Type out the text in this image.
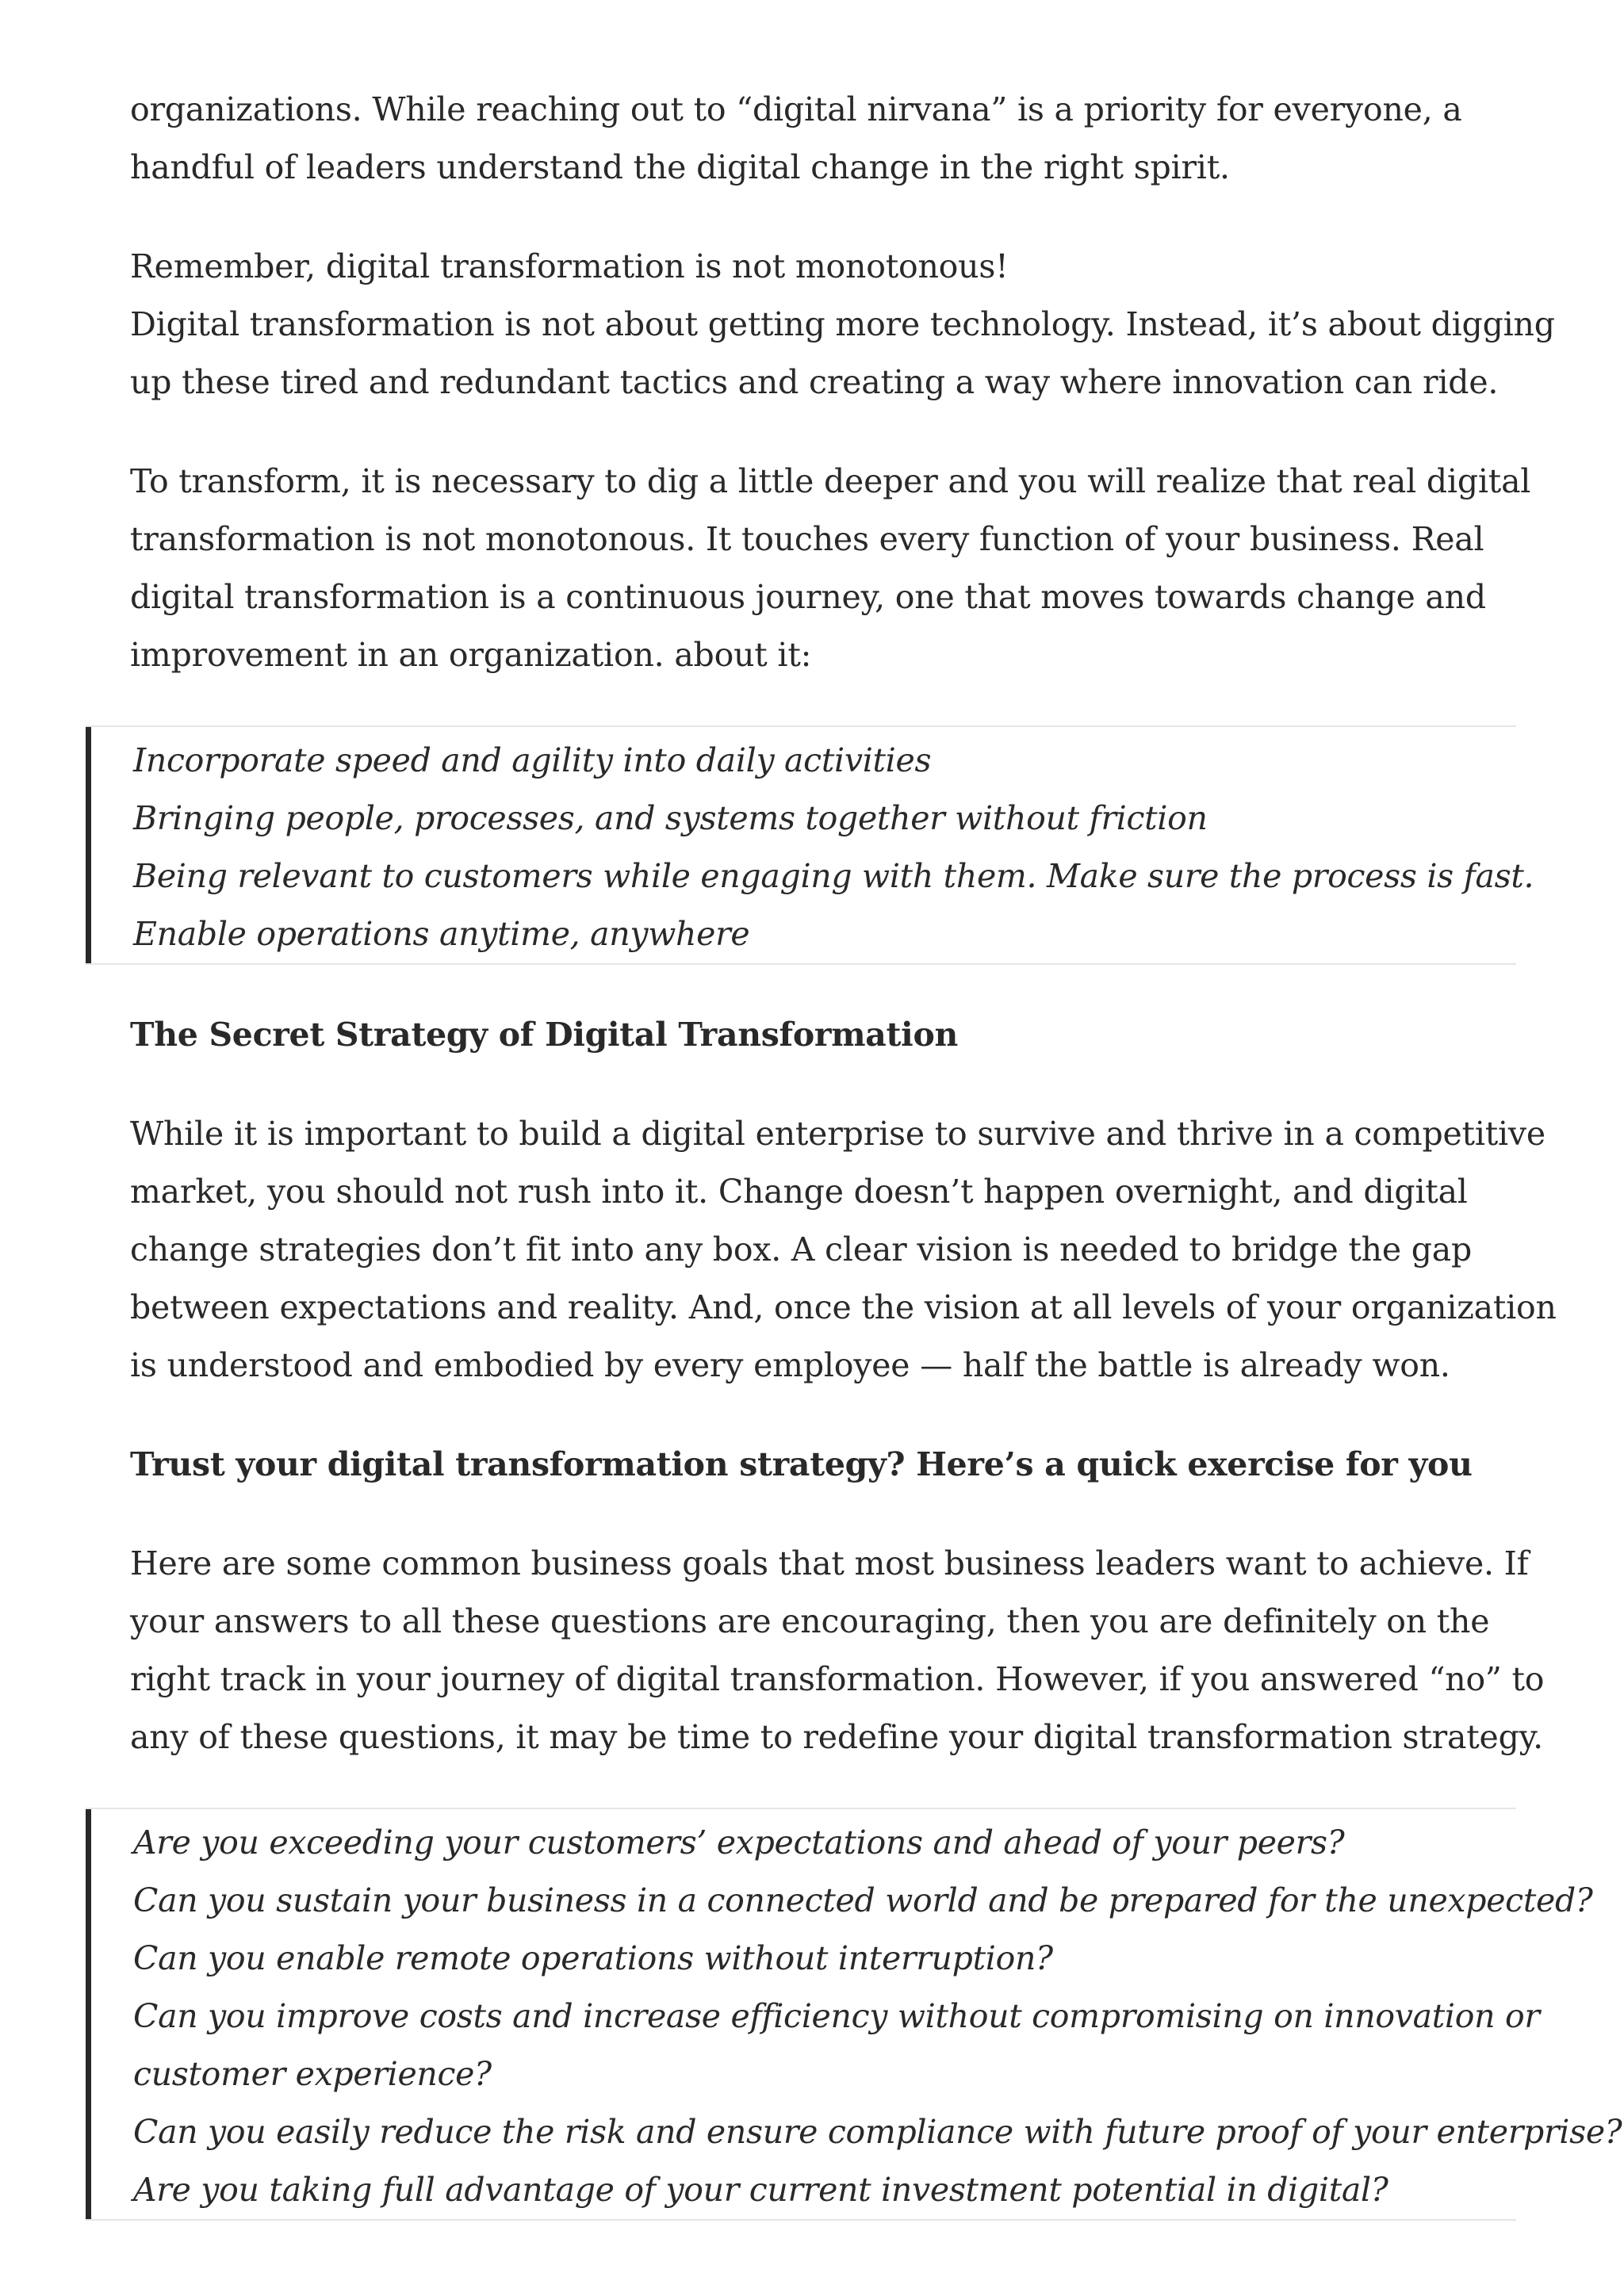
organizations. While reaching out to “digital nirvana” is a priority for everyone, a
handful of leaders understand the digital change in the right spirit.

Remember, digital transformation is not monotonous!
Digital transformation is not about getting more technology. Instead, it’s about digging
up these tired and redundant tactics and creating a way where innovation can ride.

To transform, it is necessary to dig a little deeper and you will realize that real digital
transformation is not monotonous. It touches every function of your business. Real
digital transformation is a continuous journey, one that moves towards change and
improvement in an organization. about it:

Incorporate speed and agility into daily activities
Bringing people, processes, and systems together without friction
Being relevant to customers while engaging with them. Make sure the process is fast.
Enable operations anytime, anywhere
The Secret Strategy of Digital Transformation

While it is important to build a digital enterprise to survive and thrive in a competitive
market, you should not rush into it. Change doesn’t happen overnight, and digital
change strategies don’t fit into any box. A clear vision is needed to bridge the gap
between expectations and reality. And, once the vision at all levels of your organization
is understood and embodied by every employee — half the battle is already won.

Trust your digital transformation strategy? Here’s a quick exercise for you

Here are some common business goals that most business leaders want to achieve. If
your answers to all these questions are encouraging, then you are definitely on the
right track in your journey of digital transformation. However, if you answered “no” to
any of these questions, it may be time to redefine your digital transformation strategy.

Are you exceeding your customers’ expectations and ahead of your peers?
Can you sustain your business in a connected world and be prepared for the unexpected?
Can you enable remote operations without interruption?
Can you improve costs and increase efficiency without compromising on innovation or
customer experience?
Can you easily reduce the risk and ensure compliance with future proof of your enterprise?
Are you taking full advantage of your current investment potential in digital?
